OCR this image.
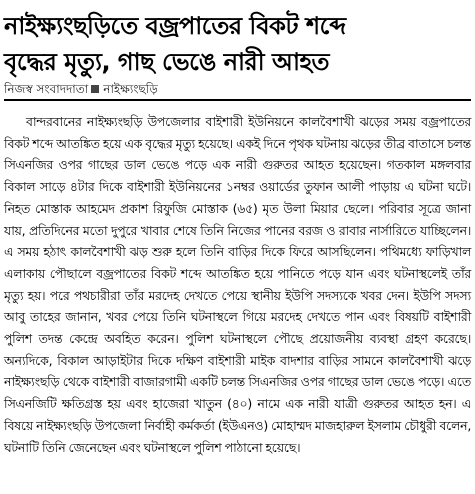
নাইক্ষ্যংছড়িতে বজ্রপাতের বিকট শব্দে
বৃদ্ধের মৃত্যু, গাছ ভেঙে নারী আহত
নিজস্ব সংবাদদাতা নাইক্ষ্যংছড়ি

বান্দরবানের নাইক্ষ্যংছড়ি উপজেলার বাইশারী ইউনিয়নে কালবৈশাখী ঝড়ের সময় বজ্রপাতের বিকট শব্দে আতঙ্কিত হয়ে এক বৃদ্ধের মৃত্যু হয়েছে। একই দিনে পৃথক ঘটনায় ঝড়ের তীব্র বাতাসে চলন্ত সিএনজির ওপর গাছের ডাল ভেঙে পড়ে এক নারী গুরুতর আহত হয়েছেন। গতকাল মঙ্গলবার বিকাল সাড়ে ৪টার দিকে বাইশারী ইউনিয়নের ১নম্বর ওয়ার্ডের তুফান আলী পাড়ায় এ ঘটনা ঘটে। নিহত মোস্তাক আহমেদ প্রকাশ রিফুজি মোস্তাক (৬৫) মৃত উলা মিয়ার ছেলে। পরিবার সূত্রে জানা যায়, প্রতিদিনের মতো দুপুরে খাবার শেষে তিনি নিজের পানের বরজ ও রাবার নার্সারিতে যাচ্ছিলেন। এ সময় হঠাৎ কালবৈশাখী ঝড় শুরু হলে তিনি বাড়ির দিকে ফিরে আসছিলেন। পথিমধ্যে ফাড়িখাল এলাকায় পৌছালে বজ্রপাতের বিকট শব্দে আতঙ্কিত হয়ে পানিতে পড়ে যান এবং ঘটনাস্থলেই তাঁর মৃত্যু হয়। পরে পথচারীরা তাঁর মরদেহ দেখতে পেয়ে স্থানীয় ইউপি সদস্যকে খবর দেন। ইউপি সদস্য আবু তাহের জানান, খবর পেয়ে তিনি ঘটনাস্থলে গিয়ে মরদেহ দেখতে পান এবং বিষয়টি বাইশারী পুলিশ তদন্ত কেন্দ্রে অবহিত করেন। পুলিশ ঘটনাস্থলে পৌছে প্রয়োজনীয় ব্যবস্থা গ্রহণ করেছে। অন্যদিকে, বিকাল আড়াইটার দিকে দক্ষিণ বাইশারী মাইক বাদশার বাড়ির সামনে কালবৈশাখী ঝড়ে নাইক্ষ্যংছড়ি থেকে বাইশারী বাজারগামী একটি চলন্ত সিএনজির ওপর গাছের ডাল ভেঙে পড়ে। এতে সিএনজিটি ক্ষতিগ্রস্ত হয় এবং হাজেরা খাতুন (৪০) নামে এক নারী যাত্রী গুরুতর আহত হন। এ বিষয়ে নাইক্ষ্যংছড়ি উপজেলা নির্বাহী কর্মকর্তা (ইউএনও) মোহাম্মদ মাজহারুল ইসলাম চৌধুরী বলেন, ঘটনাটি তিনি জেনেছেন এবং ঘটনাস্থলে পুলিশ পাঠানো হয়েছে।
